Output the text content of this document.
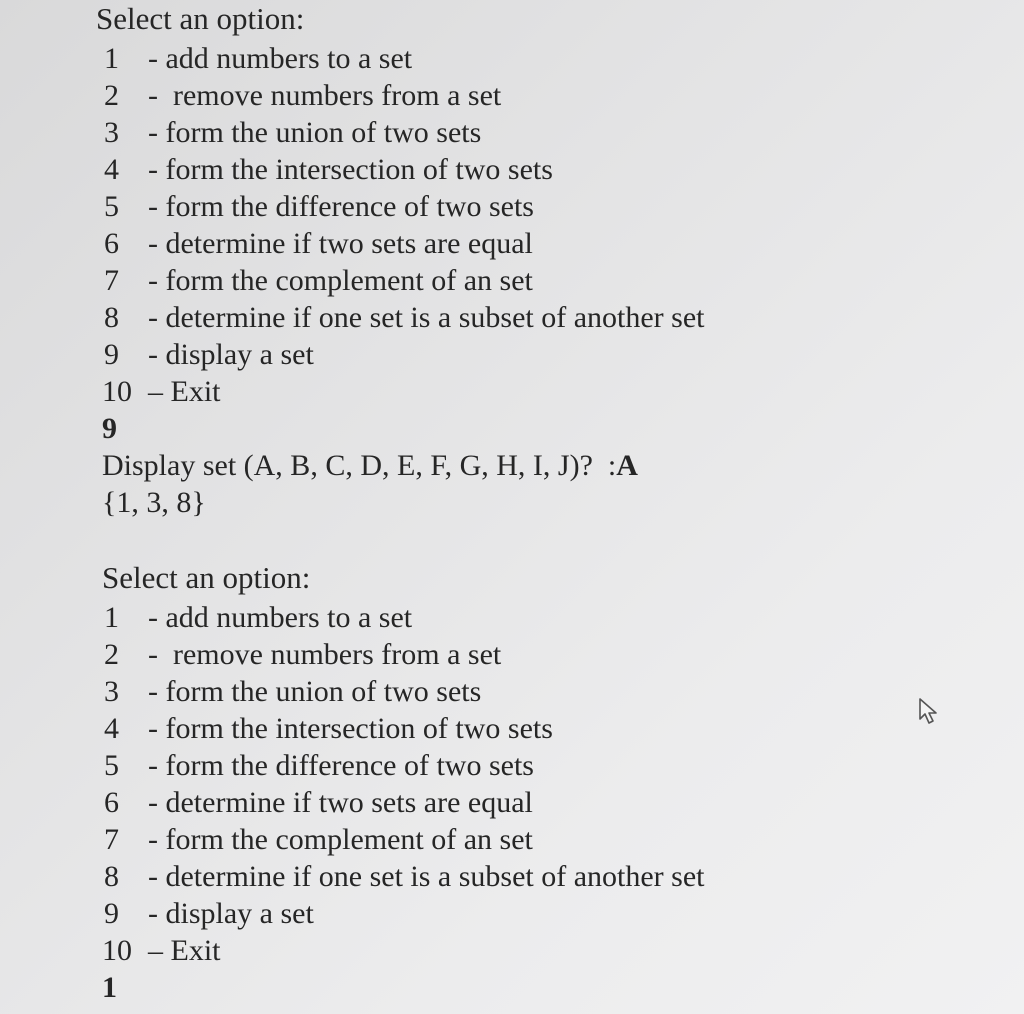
Select an option:
1 - add numbers to a set
2 -  remove numbers from a set
3 - form the union of two sets
4 - form the intersection of two sets
5 - form the difference of two sets
6 - determine if two sets are equal
7 - form the complement of an set
8 - determine if one set is a subset of another set
9 - display a set
10 – Exit
9
Display set (A, B, C, D, E, F, G, H, I, J)?  :A
{1, 3, 8}
Select an option:
1 - add numbers to a set
2 -  remove numbers from a set
3 - form the union of two sets
4 - form the intersection of two sets
5 - form the difference of two sets
6 - determine if two sets are equal
7 - form the complement of an set
8 - determine if one set is a subset of another set
9 - display a set
10 – Exit
1
